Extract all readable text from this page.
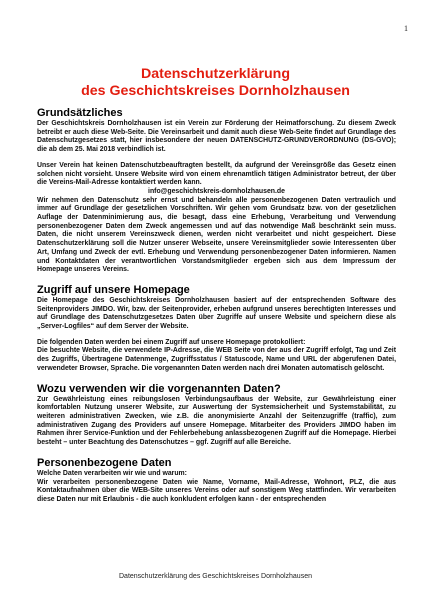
1
Datenschutzerklärung
des Geschichtskreises Dornholzhausen
Grundsätzliches

Der Geschichtskreis Dornholzhausen ist ein Verein zur Förderung der Heimatforschung. Zu diesem Zweck betreibt er auch diese Web-Seite. Die Vereinsarbeit und damit auch diese Web-Seite findet auf Grundlage des Datenschutzgesetzes statt, hier insbesondere der neuen DATENSCHUTZ-GRUNDVERORDNUNG (DS-GVO); die ab dem 25. Mai 2018 verbindlich ist.

Unser Verein hat keinen Datenschutzbeauftragten bestellt, da aufgrund der Vereinsgröße das Gesetz einen solchen nicht vorsieht. Unsere Website wird von einem ehrenamtlich tätigen Administrator betreut, der über die Vereins-Mail-Adresse kontaktiert werden kann.

info@geschichtskreis-dornholzhausen.de

Wir nehmen den Datenschutz sehr ernst und behandeln alle personenbezogenen Daten vertraulich und immer auf Grundlage der gesetzlichen Vorschriften. Wir gehen vom Grundsatz bzw. von der gesetzlichen Auflage der Datenminimierung aus, die besagt, dass eine Erhebung, Verarbeitung und Verwendung personenbezogener Daten dem Zweck angemessen und auf das notwendige Maß beschränkt sein muss. Daten, die nicht unserem Vereinszweck dienen, werden nicht verarbeitet und nicht gespeichert. Diese Datenschutzerklärung soll die Nutzer unserer Webseite, unsere Vereinsmitglieder sowie Interessenten über Art, Umfang und Zweck der evtl. Erhebung und Verwendung personenbezogener Daten informieren. Namen und Kontaktdaten der verantwortlichen Vorstandsmitglieder ergeben sich aus dem Impressum der Homepage unseres Vereins.

Zugriff auf unsere Homepage

Die Homepage des Geschichtskreises Dornholzhausen basiert auf der entsprechenden Software des Seitenproviders JIMDO. Wir, bzw. der Seitenprovider, erheben aufgrund unseres berechtigten Interesses und auf Grundlage des Datenschutzgesetzes Daten über Zugriffe auf unsere Website und speichern diese als „Server-Logfiles“ auf dem Server der Website.

Die folgenden Daten werden bei einem Zugriff auf unsere Homepage protokolliert:
Die besuchte Website, die verwendete IP-Adresse, die WEB Seite von der aus der Zugriff erfolgt, Tag und Zeit des Zugriffs, Übertragene Datenmenge, Zugriffsstatus / Statuscode, Name und URL der abgerufenen Datei, verwendeter Browser, Sprache. Die vorgenannten Daten werden nach drei Monaten automatisch gelöscht.

Wozu verwenden wir die vorgenannten Daten?

Zur Gewährleistung eines reibungslosen Verbindungsaufbaus der Website, zur Gewährleistung einer komfortablen Nutzung unserer Website, zur Auswertung der Systemsicherheit und Systemstabilität, zu weiteren administrativen Zwecken, wie z.B. die anonymisierte Anzahl der Seitenzugriffe (traffic), zum administrativen Zugang des Providers auf unsere Homepage. Mitarbeiter des Providers JIMDO haben im Rahmen ihrer Service-Funktion und der Fehlerbehebung anlassbezogenen Zugriff auf die Homepage. Hierbei besteht – unter Beachtung des Datenschutzes – ggf. Zugriff auf alle Bereiche.

Personenbezogene Daten

Welche Daten verarbeiten wir wie und warum:
Wir verarbeiten personenbezogene Daten wie Name, Vorname, Mail-Adresse, Wohnort, PLZ, die aus Kontaktaufnahmen über die WEB-Site unseres Vereins oder auf sonstigem Weg stattfinden. Wir verarbeiten diese Daten nur mit Erlaubnis - die auch konkludent erfolgen kann - der entsprechenden

Datenschutzerklärung des Geschichtskreises Dornholzhausen
